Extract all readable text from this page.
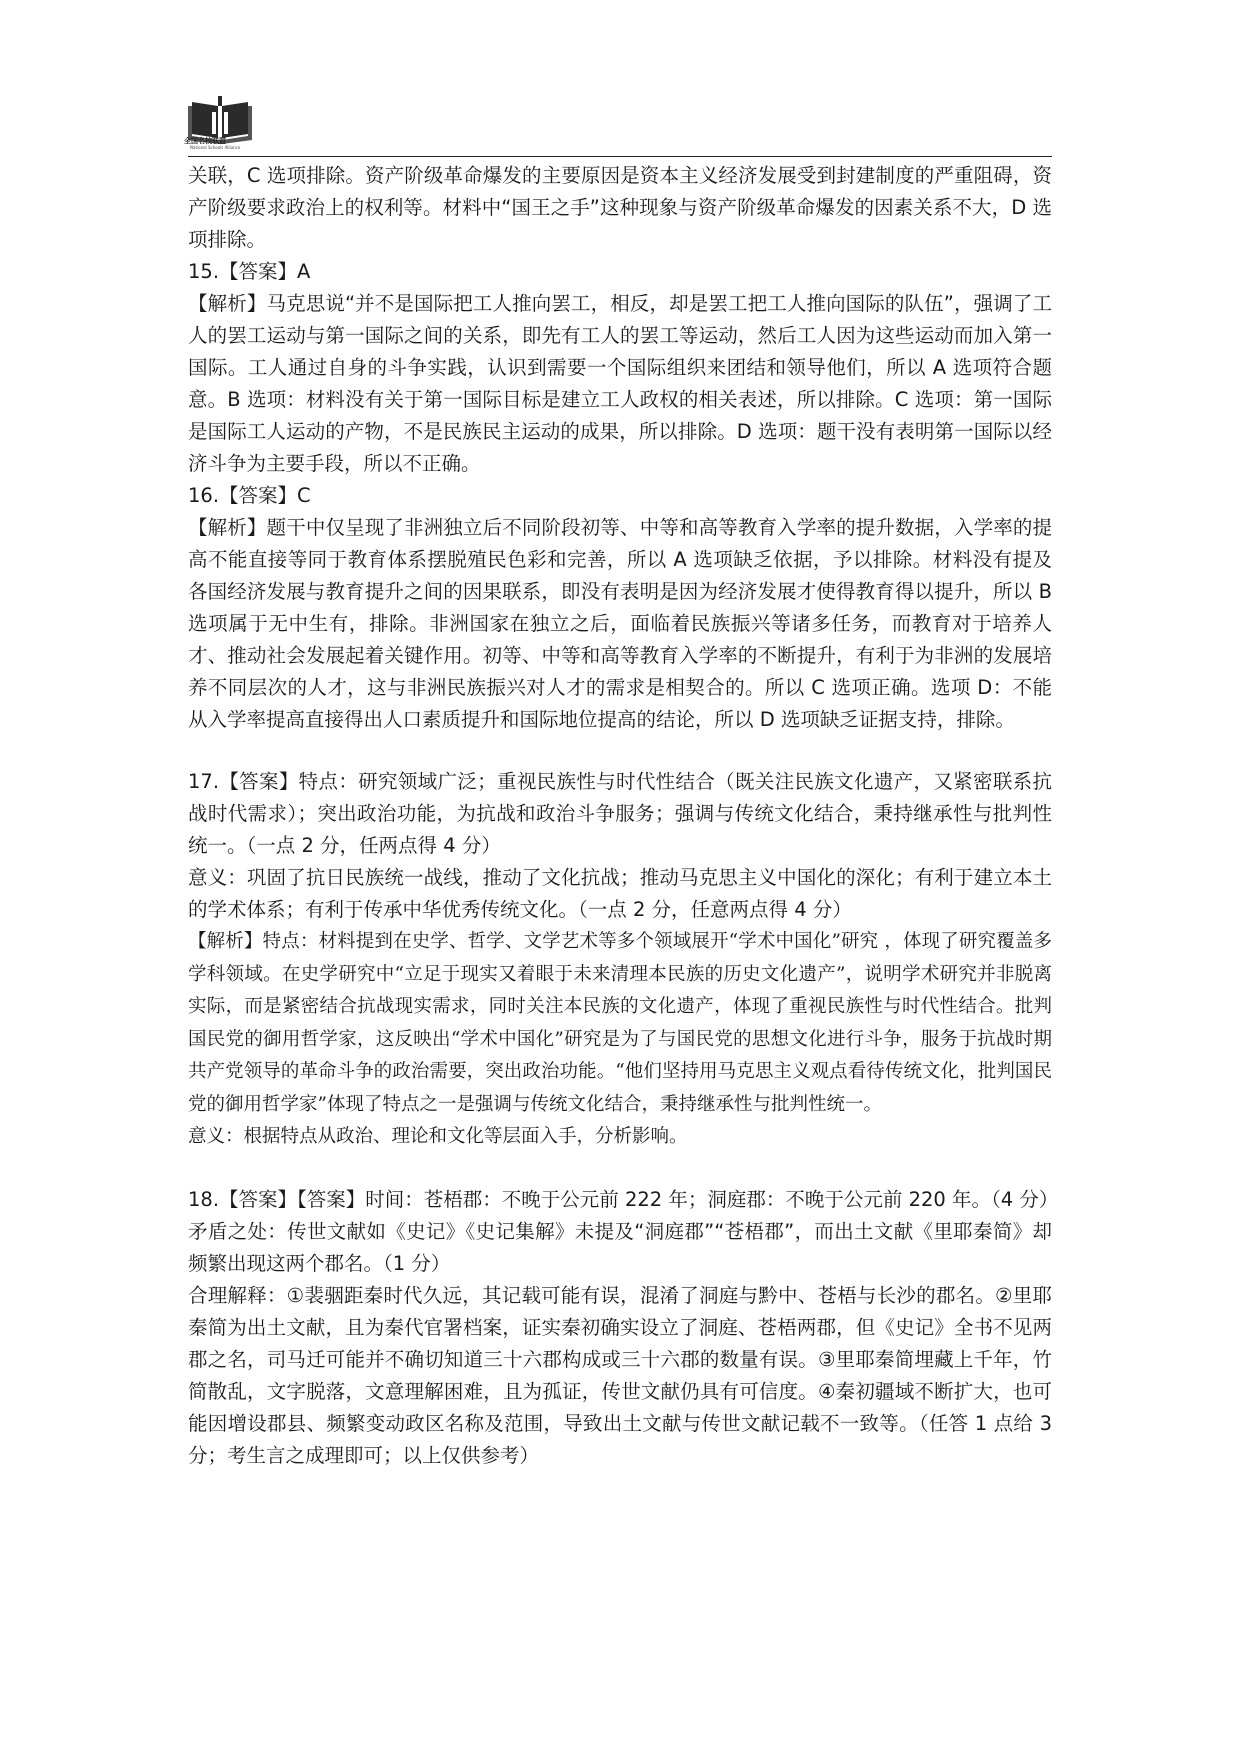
全国名校联盟
National Schools Alliance

关联，C 选项排除。资产阶级革命爆发的主要原因是资本主义经济发展受到封建制度的严重阻碍，资产阶级要求政治上的权利等。材料中“国王之手”这种现象与资产阶级革命爆发的因素关系不大，D 选项排除。

15.【答案】A

【解析】马克思说“并不是国际把工人推向罢工，相反，却是罢工把工人推向国际的队伍”，强调了工人的罢工运动与第一国际之间的关系，即先有工人的罢工等运动，然后工人因为这些运动而加入第一国际。工人通过自身的斗争实践，认识到需要一个国际组织来团结和领导他们，所以 A 选项符合题意。B 选项：材料没有关于第一国际目标是建立工人政权的相关表述，所以排除。C 选项：第一国际是国际工人运动的产物，不是民族民主运动的成果，所以排除。D 选项：题干没有表明第一国际以经济斗争为主要手段，所以不正确。

16.【答案】C

【解析】题干中仅呈现了非洲独立后不同阶段初等、中等和高等教育入学率的提升数据，入学率的提高不能直接等同于教育体系摆脱殖民色彩和完善，所以 A 选项缺乏依据，予以排除。材料没有提及各国经济发展与教育提升之间的因果联系，即没有表明是因为经济发展才使得教育得以提升，所以 B 选项属于无中生有，排除。非洲国家在独立之后，面临着民族振兴等诸多任务，而教育对于培养人才、推动社会发展起着关键作用。初等、中等和高等教育入学率的不断提升，有利于为非洲的发展培养不同层次的人才，这与非洲民族振兴对人才的需求是相契合的。所以 C 选项正确。选项 D：不能从入学率提高直接得出人口素质提升和国际地位提高的结论，所以 D 选项缺乏证据支持，排除。

17.【答案】特点：研究领域广泛；重视民族性与时代性结合（既关注民族文化遗产，又紧密联系抗战时代需求）；突出政治功能，为抗战和政治斗争服务；强调与传统文化结合，秉持继承性与批判性统一。（一点 2 分，任两点得 4 分）

意义：巩固了抗日民族统一战线，推动了文化抗战；推动马克思主义中国化的深化；有利于建立本土的学术体系；有利于传承中华优秀传统文化。（一点 2 分，任意两点得 4 分）

【解析】特点：材料提到在史学、哲学、文学艺术等多个领域展开“学术中国化”研究 ，体现了研究覆盖多学科领域。在史学研究中“立足于现实又着眼于未来清理本民族的历史文化遗产”，说明学术研究并非脱离实际，而是紧密结合抗战现实需求，同时关注本民族的文化遗产，体现了重视民族性与时代性结合。批判国民党的御用哲学家，这反映出“学术中国化”研究是为了与国民党的思想文化进行斗争，服务于抗战时期共产党领导的革命斗争的政治需要，突出政治功能。“他们坚持用马克思主义观点看待传统文化，批判国民党的御用哲学家”体现了特点之一是强调与传统文化结合，秉持继承性与批判性统一。

意义：根据特点从政治、理论和文化等层面入手，分析影响。

18.【答案】【答案】时间：苍梧郡：不晚于公元前 222 年；洞庭郡：不晚于公元前 220 年。（4 分）

矛盾之处：传世文献如《史记》《史记集解》未提及“洞庭郡”“苍梧郡”，而出土文献《里耶秦简》却频繁出现这两个郡名。（1 分）

合理解释：①裴骃距秦时代久远，其记载可能有误，混淆了洞庭与黔中、苍梧与长沙的郡名。②里耶秦简为出土文献，且为秦代官署档案，证实秦初确实设立了洞庭、苍梧两郡，但《史记》全书不见两郡之名，司马迁可能并不确切知道三十六郡构成或三十六郡的数量有误。③里耶秦简埋藏上千年，竹简散乱，文字脱落，文意理解困难，且为孤证，传世文献仍具有可信度。④秦初疆域不断扩大，也可能因增设郡县、频繁变动政区名称及范围，导致出土文献与传世文献记载不一致等。（任答 1 点给 3 分；考生言之成理即可；以上仅供参考）
